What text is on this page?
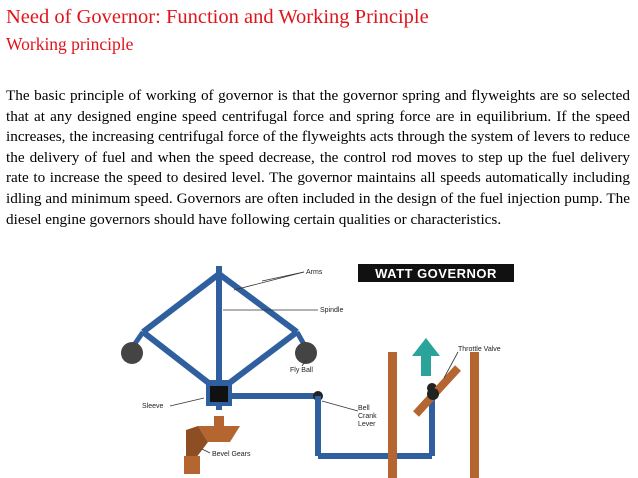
Need of Governor: Function and Working Principle
Working principle
The basic principle of working of governor is that the governor spring and flyweights are so selected that at any designed engine speed centrifugal force and spring force are in equilibrium. If the speed increases, the increasing centrifugal force of the flyweights acts through the system of levers to reduce the delivery of fuel and when the speed decrease, the control rod moves to step up the fuel delivery rate to increase the speed to desired level. The governor maintains all speeds automatically including idling and minimum speed. Governors are often included in the design of the fuel injection pump. The diesel engine governors should have following certain qualities or characteristics.
WATT GOVERNOR
Arms
Spindle
Fly Ball
Throttle Valve
Sleeve	Bell
Crank
Lever
Bevel Gears
